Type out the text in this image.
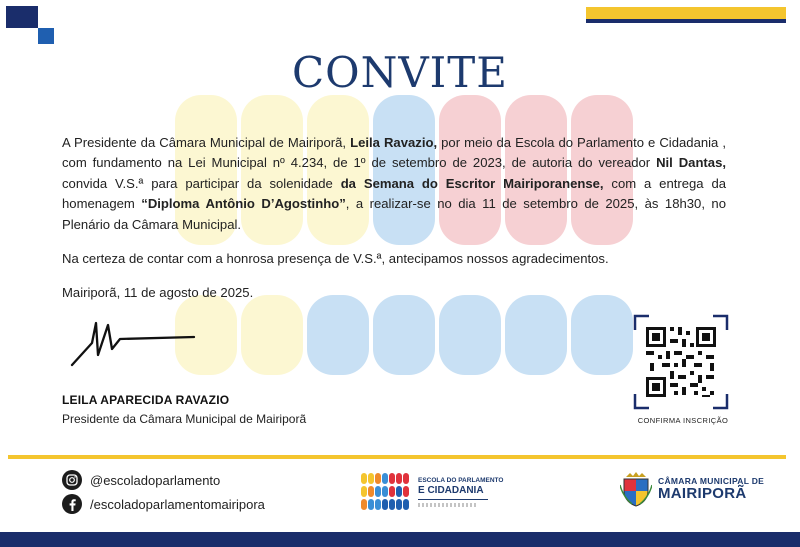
CONVITE
A Presidente da Câmara Municipal de Mairiporã, Leila Ravazio, por meio da Escola do Parlamento e Cidadania , com fundamento na Lei Municipal nº 4.234, de 1º de setembro de 2023, de autoria do vereador Nil Dantas, convida V.S.ª para participar da solenidade da Semana do Escritor Mairiporanense, com a entrega da homenagem “Diploma Antônio D’Agostinho”, a realizar-se no dia 11 de setembro de 2025, às 18h30, no Plenário da Câmara Municipal.
Na certeza de contar com a honrosa presença de V.S.ª, antecipamos nossos agradecimentos.
Mairiporã, 11 de agosto de 2025.
LEILA APARECIDA RAVAZIO
Presidente da Câmara Municipal de Mairiporã	CONFIRMA INSCRIÇÃO
@escoladoparlamento
/escoladoparlamentomairipora
ESCOLA DO PARLAMENTO
E CIDADANIA
CÂMARA MUNICIPAL DE
MAIRIPORÃ
